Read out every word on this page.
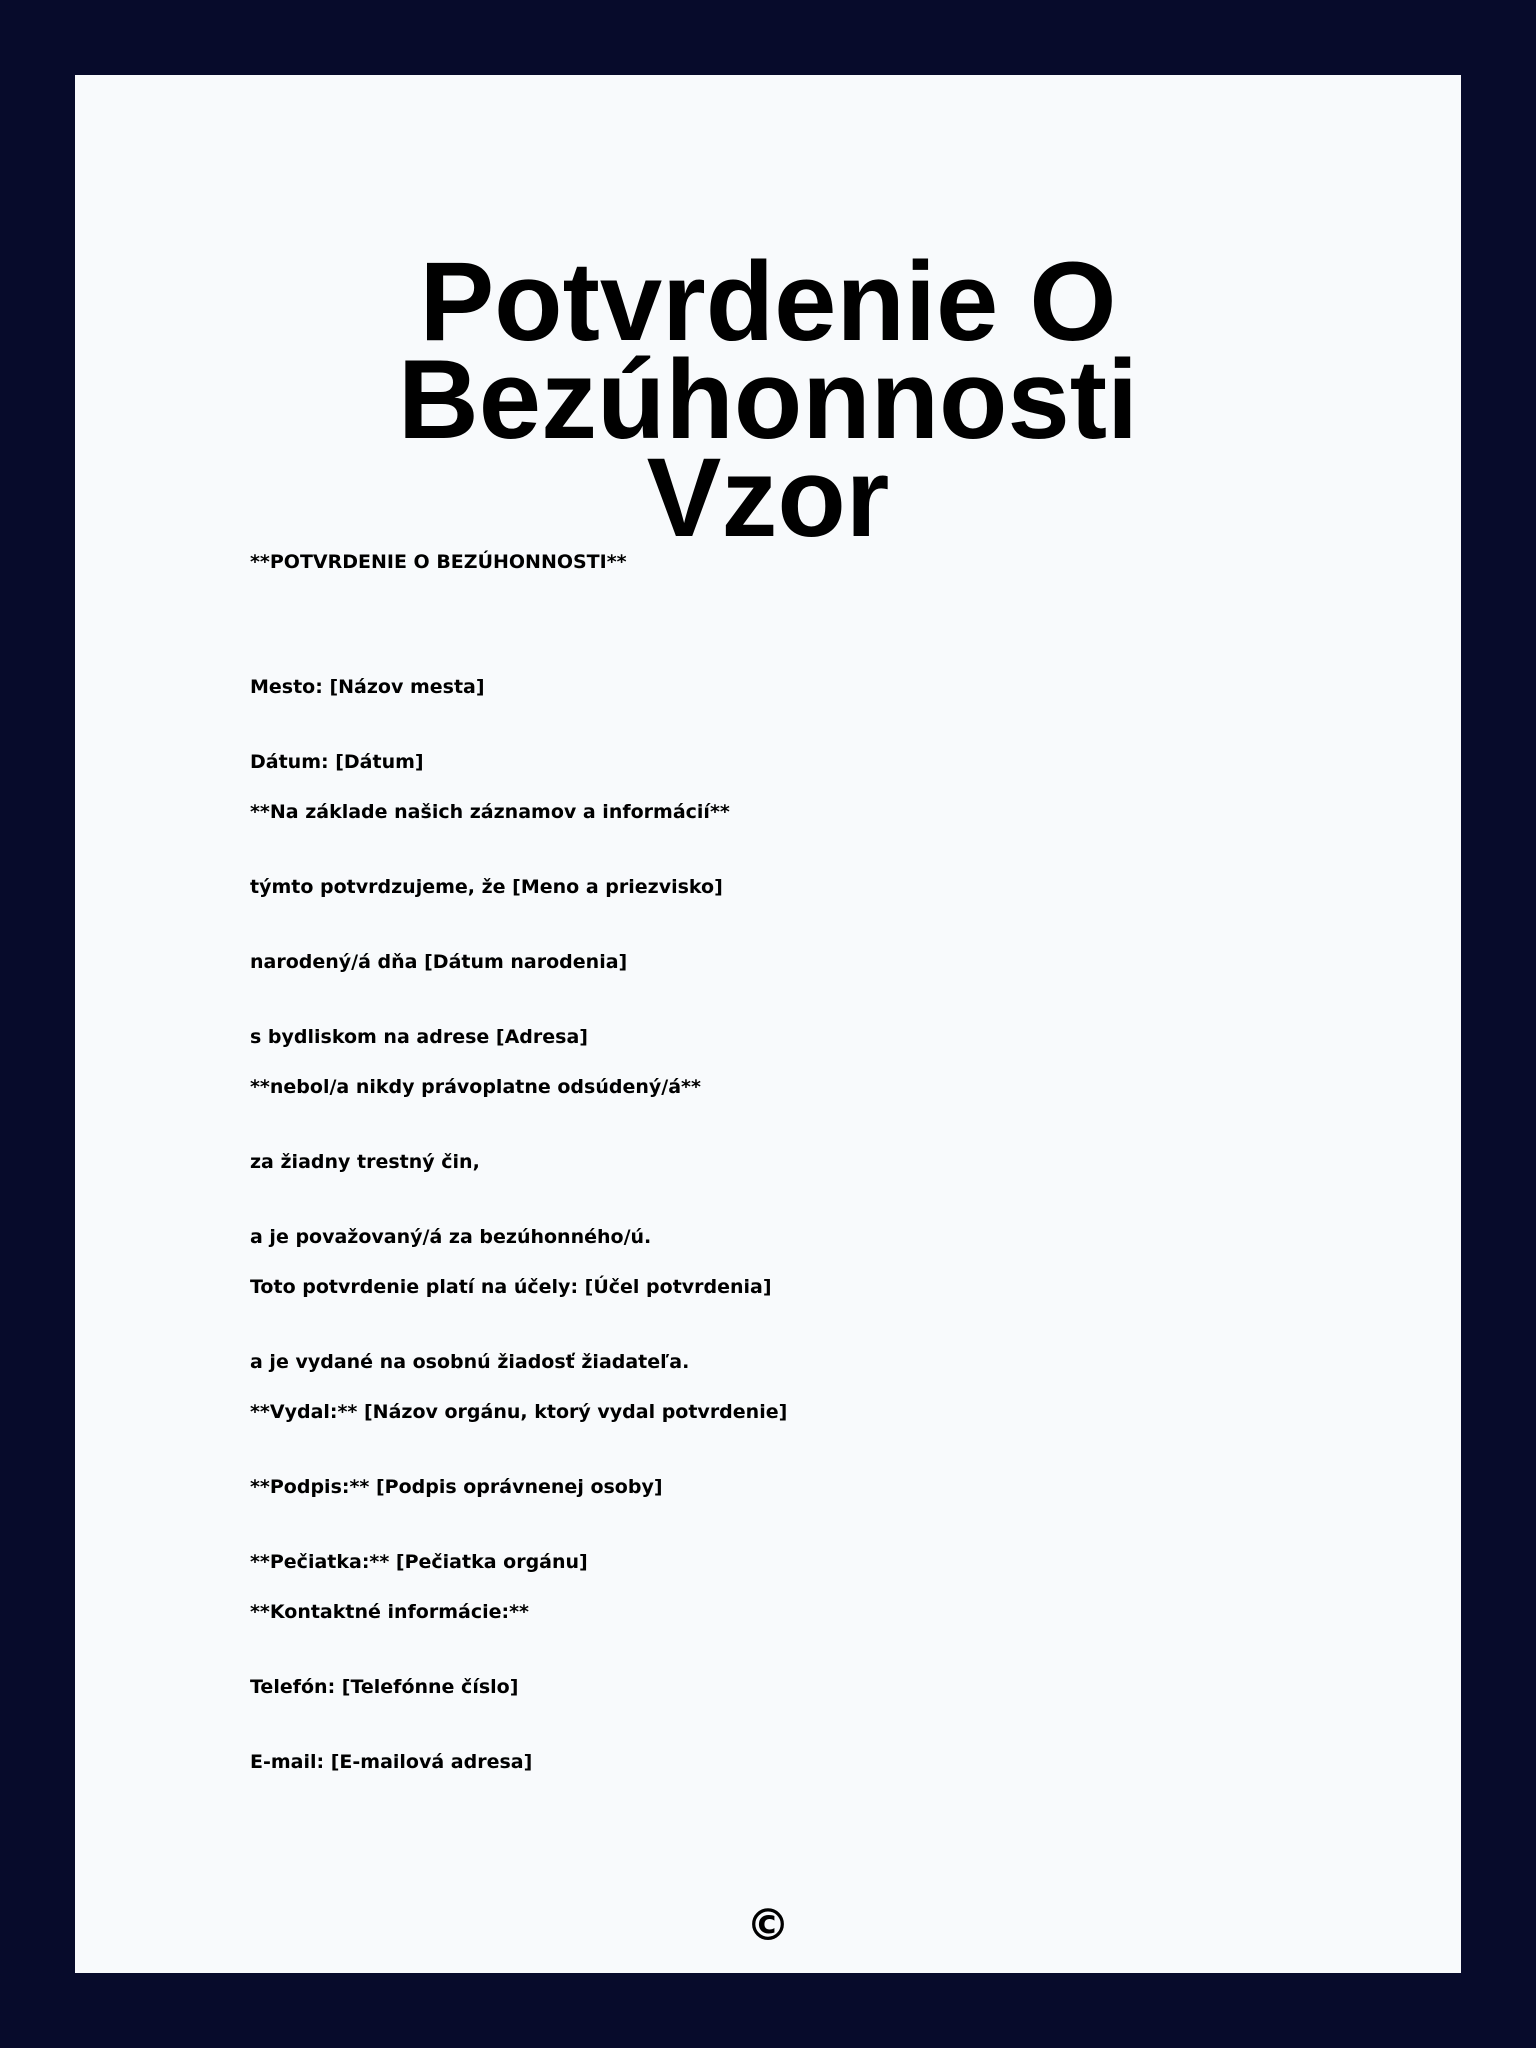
Potvrdenie O Bezúhonnosti
Vzor

**POTVRDENIE O BEZÚHONNOSTI**

Mesto: [Názov mesta]

Dátum: [Dátum]

**Na základe našich záznamov a informácií**

týmto potvrdzujeme, že [Meno a priezvisko]

narodený/á dňa [Dátum narodenia]

s bydliskom na adrese [Adresa]

**nebol/a nikdy právoplatne odsúdený/á**

za žiadny trestný čin,

a je považovaný/á za bezúhonného/ú.

Toto potvrdenie platí na účely: [Účel potvrdenia]

a je vydané na osobnú žiadosť žiadateľa.

**Vydal:** [Názov orgánu, ktorý vydal potvrdenie]

**Podpis:** [Podpis oprávnenej osoby]

**Pečiatka:** [Pečiatka orgánu]

**Kontaktné informácie:**

Telefón: [Telefónne číslo]

E-mail: [E-mailová adresa]

©
